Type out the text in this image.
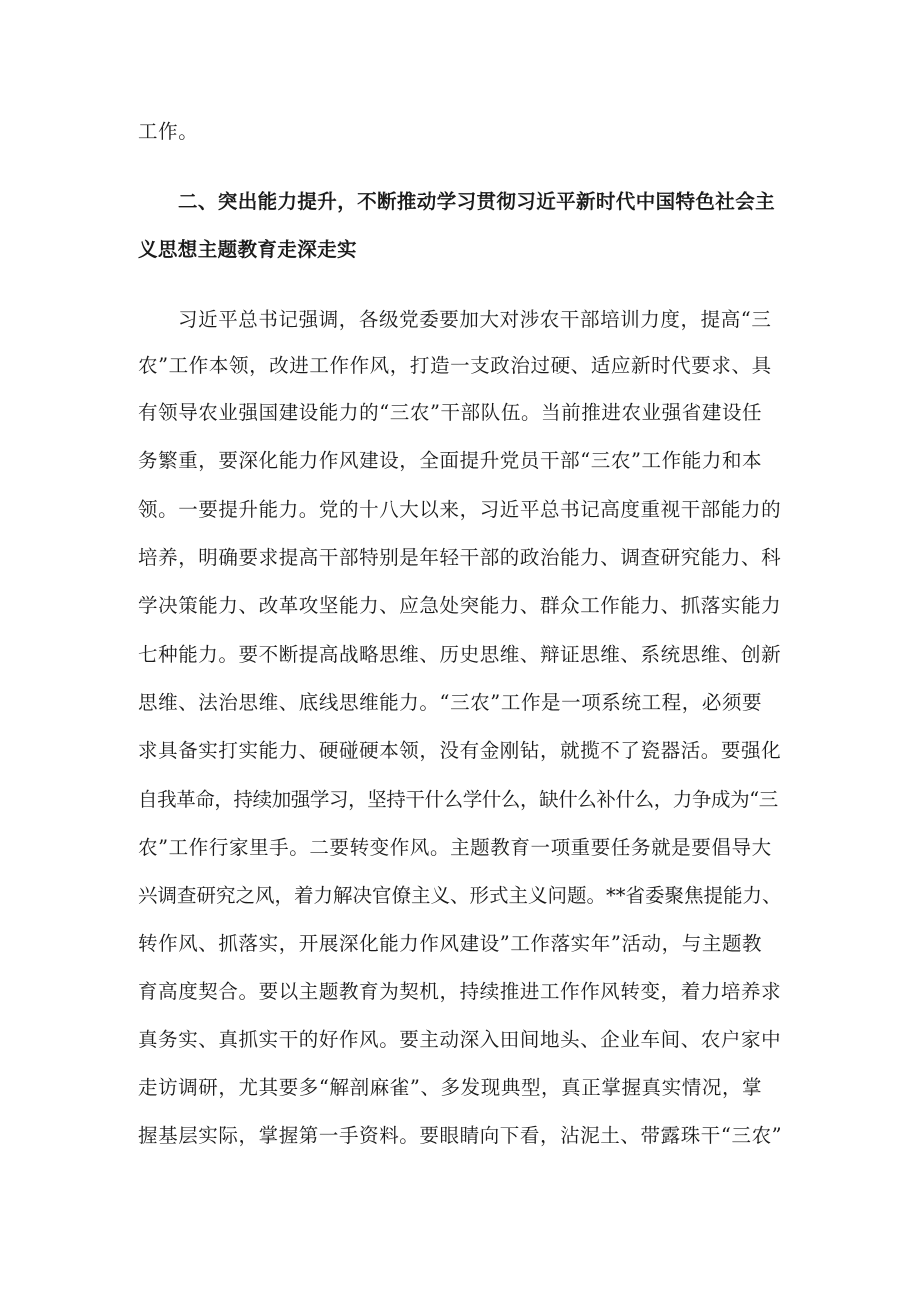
工作。
二、突出能力提升，不断推动学习贯彻习近平新时代中国特色社会主
义思想主题教育走深走实
习近平总书记强调，各级党委要加大对涉农干部培训力度，提高“三
农”工作本领，改进工作作风，打造一支政治过硬、适应新时代要求、具
有领导农业强国建设能力的“三农”干部队伍。当前推进农业强省建设任
务繁重，要深化能力作风建设，全面提升党员干部“三农”工作能力和本
领。一要提升能力。党的十八大以来，习近平总书记高度重视干部能力的
培养，明确要求提高干部特别是年轻干部的政治能力、调查研究能力、科
学决策能力、改革攻坚能力、应急处突能力、群众工作能力、抓落实能力
七种能力。要不断提高战略思维、历史思维、辩证思维、系统思维、创新
思维、法治思维、底线思维能力。“三农”工作是一项系统工程，必须要
求具备实打实能力、硬碰硬本领，没有金刚钻，就揽不了瓷器活。要强化
自我革命，持续加强学习，坚持干什么学什么，缺什么补什么，力争成为“三
农”工作行家里手。二要转变作风。主题教育一项重要任务就是要倡导大
兴调查研究之风，着力解决官僚主义、形式主义问题。**省委聚焦提能力、
转作风、抓落实，开展深化能力作风建设”工作落实年”活动，与主题教
育高度契合。要以主题教育为契机，持续推进工作作风转变，着力培养求
真务实、真抓实干的好作风。要主动深入田间地头、企业车间、农户家中
走访调研，尤其要多“解剖麻雀”、多发现典型，真正掌握真实情况，掌
握基层实际，掌握第一手资料。要眼睛向下看，沾泥土、带露珠干“三农”
